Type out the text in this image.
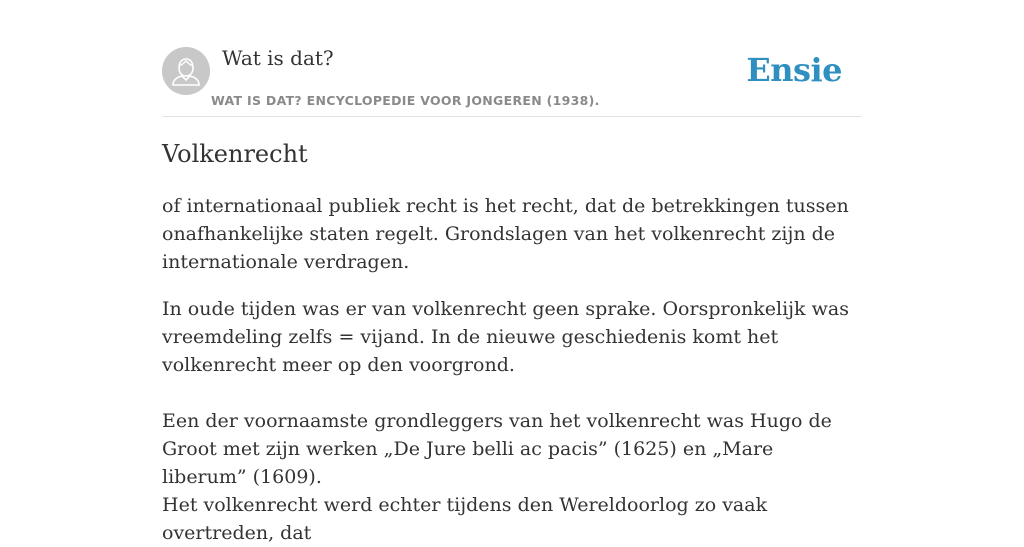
Wat is dat?
WAT IS DAT? ENCYCLOPEDIE VOOR JONGEREN (1938).
Ensie
Volkenrecht

of internationaal publiek recht is het recht, dat de betrekkingen tussen onafhankelijke staten regelt. Grondslagen van het volkenrecht zijn de internationale verdragen.

In oude tijden was er van volkenrecht geen sprake. Oorspronkelijk was vreemdeling zelfs = vijand. In de nieuwe geschiedenis komt het volkenrecht meer op den voorgrond.

Een der voornaamste grondleggers van het volkenrecht was Hugo de Groot met zijn werken „De Jure belli ac pacis” (1625) en „Mare liberum” (1609).

Het volkenrecht werd echter tijdens den Wereldoorlog zo vaak overtreden, dat
